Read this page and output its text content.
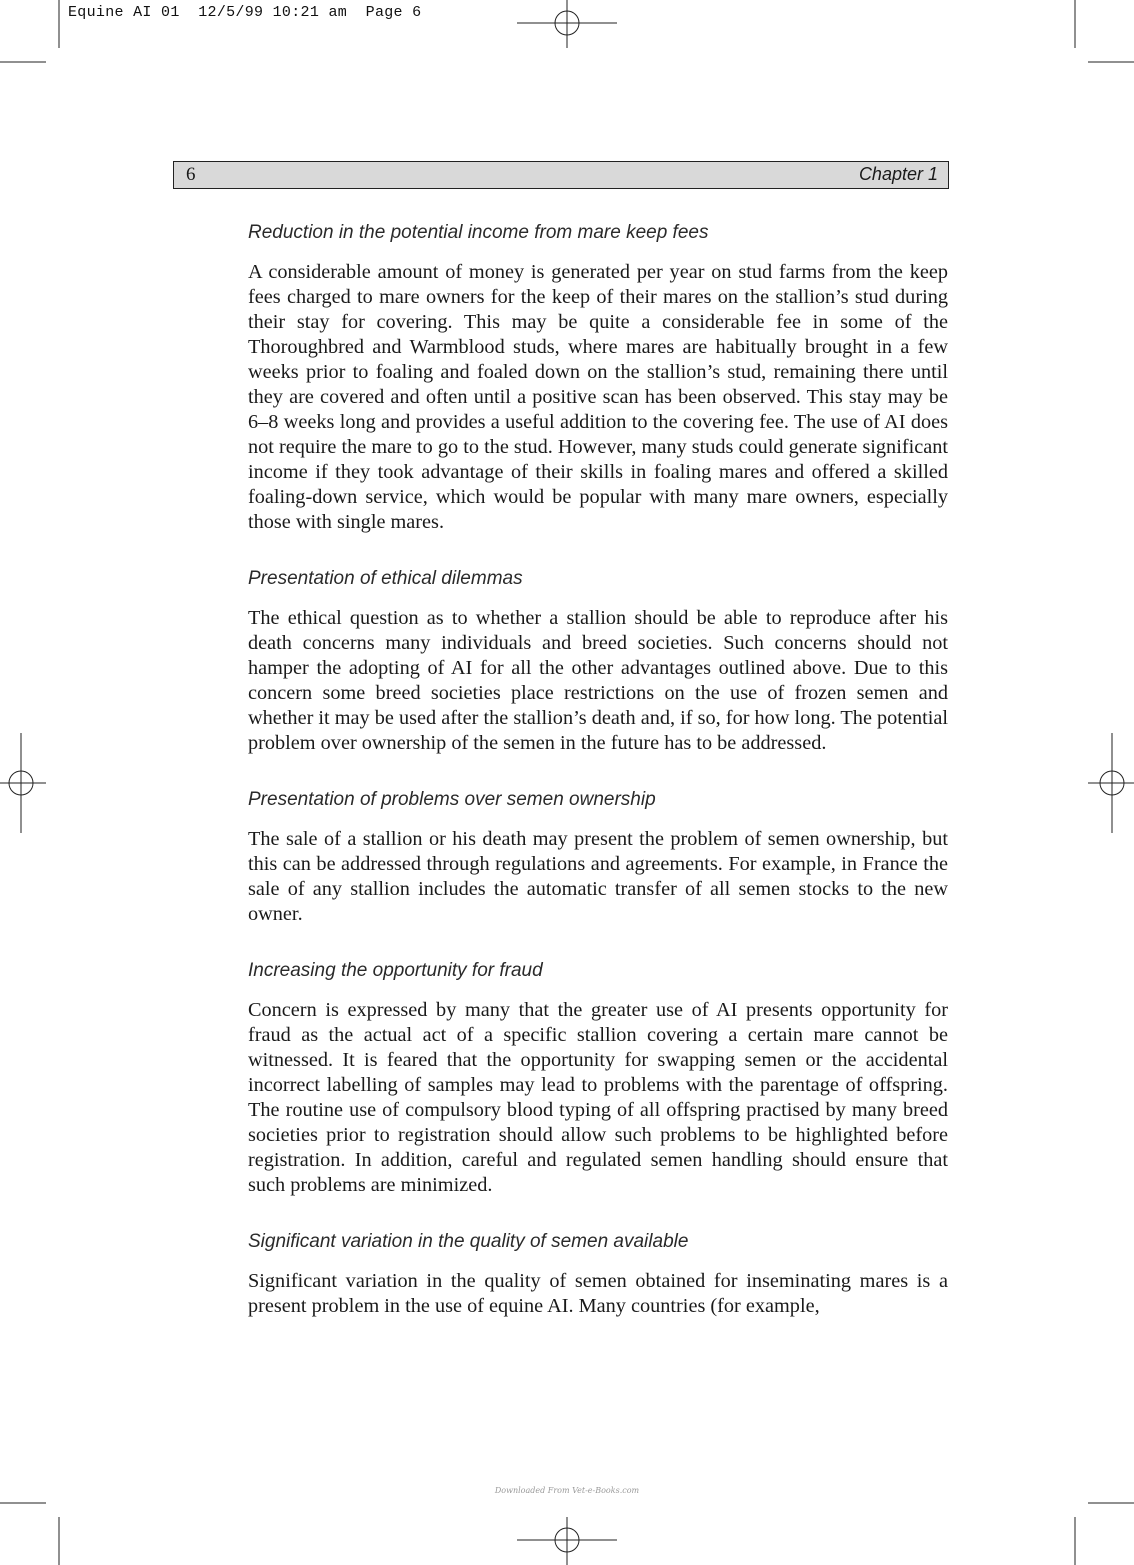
Equine AI 01  12/5/99 10:21 am  Page 6
6	Chapter 1
Reduction in the potential income from mare keep fees

A considerable amount of money is generated per year on stud farms from the keep fees charged to mare owners for the keep of their mares on the stallion’s stud during their stay for covering. This may be quite a considerable fee in some of the Thoroughbred and Warmblood studs, where mares are habitually brought in a few weeks prior to foaling and foaled down on the stallion’s stud, remaining there until they are covered and often until a positive scan has been observed. This stay may be 6–8 weeks long and provides a useful addition to the covering fee. The use of AI does not require the mare to go to the stud. However, many studs could generate significant income if they took advantage of their skills in foaling mares and offered a skilled foaling-down service, which would be popular with many mare owners, especially those with single mares.

Presentation of ethical dilemmas

The ethical question as to whether a stallion should be able to reproduce after his death concerns many individuals and breed societies. Such concerns should not hamper the adopting of AI for all the other advantages outlined above. Due to this concern some breed societies place restrictions on the use of frozen semen and whether it may be used after the stallion’s death and, if so, for how long. The potential problem over ownership of the semen in the future has to be addressed.

Presentation of problems over semen ownership

The sale of a stallion or his death may present the problem of semen ownership, but this can be addressed through regulations and agreements. For example, in France the sale of any stallion includes the automatic transfer of all semen stocks to the new owner.

Increasing the opportunity for fraud

Concern is expressed by many that the greater use of AI presents opportunity for fraud as the actual act of a specific stallion covering a certain mare cannot be witnessed. It is feared that the opportunity for swapping semen or the accidental incorrect labelling of samples may lead to problems with the parentage of offspring. The routine use of compulsory blood typing of all offspring practised by many breed societies prior to registration should allow such problems to be highlighted before registration. In addition, careful and regulated semen handling should ensure that such problems are minimized.

Significant variation in the quality of semen available

Significant variation in the quality of semen obtained for inseminating mares is a present problem in the use of equine AI. Many countries (for example,

Downloaded From Vet-e-Books.com
